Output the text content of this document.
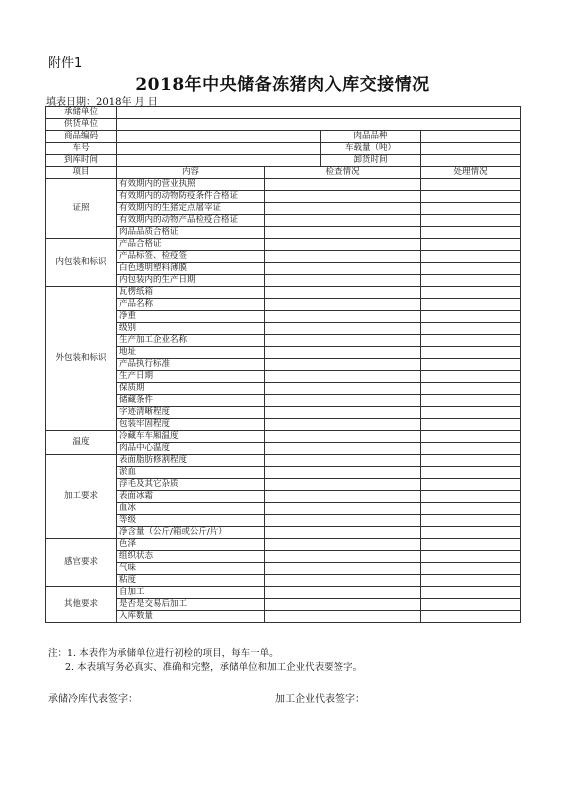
附件1
2018年中央储备冻猪肉入库交接情况
填表日期：2018年 月 日
承储单位				
供货单位				
商品编码			肉品品种	
车号			车载量（吨）	
到库时间			卸货时间	
项目	内容	检查情况		处理情况
证照	有效期内的营业执照			
	有效期内的动物防疫条件合格证			
	有效期内的生猪定点屠宰证			
	有效期内的动物产品检疫合格证			
	肉品品质合格证			
内包装和标识	产品合格证			
	产品标签、检疫签			
	白色透明塑料薄膜			
	内包装内的生产日期			
外包装和标识	瓦楞纸箱			
	产品名称			
	净重			
	级别			
	生产加工企业名称			
	地址			
	产品执行标准			
	生产日期			
	保质期			
	储藏条件			
	字迹清晰程度			
	包装牢固程度			
温度	冷藏车车厢温度			
	肉品中心温度			
加工要求	表面脂肪修割程度			
	淤血			
	浮毛及其它杂质			
	表面冰霜			
	血冰			
	等级			
	净含量（公斤/箱或公斤/片）			
感官要求	色泽			
	组织状态			
	气味			
	粘度			
其他要求	自加工			
	是否是交易后加工			
	入库数量			
注：1. 本表作为承储单位进行初检的项目，每车一单。
2. 本表填写务必真实、准确和完整，承储单位和加工企业代表要签字。
承储冷库代表签字：	加工企业代表签字：
